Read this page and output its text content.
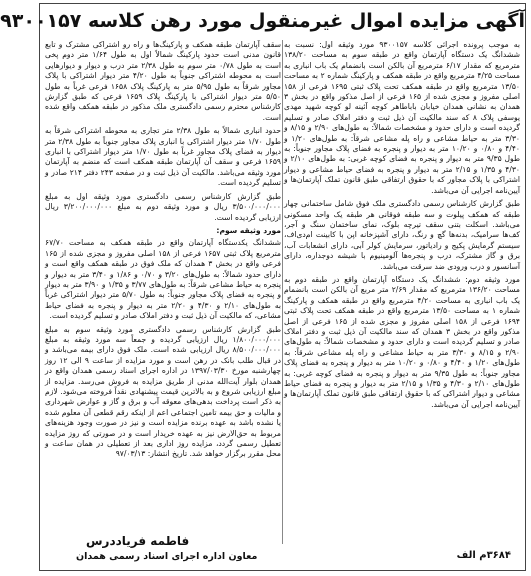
آگهی مزایده اموال غیرمنقول مورد رهن کلاسه ۹۳۰۰۱۵۷

به موجب پرونده اجرائی کلاسه ۹۳۰۰۱۵۷ مورد وثیقه اول: نسبت به ششدانگ یک دستگاه آپارتمان واقع در طبقه سوم به مساحت ۱۳۸/۲۰ مترمربع که مقدار ۶/۱۷ مترمربع آن بالکن است بانضمام یک باب انباری به مساحت ۴/۲۵ مترمربع واقع در طبقه همکف و پارکینگ شماره ۲ به مساحت ۱۳/۵۰ مترمربع واقع در طبقه همکف تحت پلاک ثبتی ۱۶۹۵ فرعی از ۱۵۸ اصلی مفروز و مجزی شده از ۱۶۵ فرعی از اصل مذکور واقع در بخش ۳ همدان به نشانی همدان خیابان باباطاهر کوچه آئینه لو کوچه شهید مهدی یوسفی پلاک ۸ که سند مالکیت آن ذیل ثبت و دفتر املاک صادر و تسلیم گردیده است و دارای حدود و مشخصات شمالاً: به طول‌های ۲/۹۰ و ۸/۱۵ و ۳/۳۰ متر به حیاط مشاعی و راه پله مشاعی شرقاً: به طول‌های ۱/۲۰ و ۴/۴۰ و ۰/۸۰ و ۱۰/۲۰ متر به دیوار و پنجره به فضای پلاک مجاور جنوباً: به طول ۹/۳۵ متر به دیوار و پنجره به فضای کوچه غربی: به طول‌های ۲/۱۰ و ۴/۳۰ و ۱/۳۵ و ۲/۱۵ متر به دیوار و پنجره به فضای حیاط مشاعی و دیوار اشتراکی با پلاک مجاور که با حقوق ارتفاقی طبق قانون تملک آپارتمان‌ها و آیین‌نامه اجرایی آن می‌باشد.

طبق گزارش کارشناس رسمی دادگستری ملک فوق شامل ساختمانی چهار طبقه که همکف پیلوت و سه طبقه فوقانی هر طبقه یک واحد مسکونی می‌باشد. اسکلت بتنی سقف تیرچه بلوک، نمای ساختمان سنگ و آجر، کف‌ها سرامیک، بدنه‌ها گچ و رنگ، دارای آشپزخانه اپن با کابینت ام‌دی‌اف، سیستم گرمایش پکیج و رادیاتور، سرمایش کولر آبی، دارای انشعابات آب، برق و گاز مشترک، درب و پنجره‌ها آلومینیوم با شیشه دوجداره، دارای آسانسور و درب ورودی ضد سرقت می‌باشد.

مورد وثیقه دوم: ششدانگ یک دستگاه آپارتمان واقع در طبقه دوم به مساحت ۱۳۶/۲۰ مترمربع که مقدار ۲/۶۹ متر مربع آن بالکن است بانضمام یک باب انباری به مساحت ۴/۲۰ مترمربع واقع در طبقه همکف و پارکینگ شماره ۱ به مساحت ۱۳/۵۰ مترمربع واقع در طبقه همکف تحت پلاک ثبتی ۱۶۹۴ فرعی از ۱۵۸ اصلی مفروز و مجزی شده از ۱۶۵ فرعی از اصل مذکور واقع در بخش ۳ همدان که سند مالکیت آن ذیل ثبت و دفتر املاک صادر و تسلیم گردیده است و دارای حدود و مشخصات شمالاً: به طول‌های ۲/۹۰ و ۸/۱۵ و ۳/۳۰ متر به حیاط مشاعی و راه پله مشاعی شرقاً: به طول‌های ۱/۲۰ و ۴/۴۰ و ۰/۸۰ و ۱۰/۲۰ متر به دیوار و پنجره به فضای پلاک مجاور جنوباً: به طول ۹/۳۵ متر به دیوار و پنجره به فضای کوچه غربی: به طول‌های ۲/۱۰ و ۴/۳۰ و ۱/۳۵ و ۲/۱۵ متر به دیوار و پنجره به فضای حیاط مشاعی و دیوار اشتراکی که با حقوق ارتفاقی طبق قانون تملک آپارتمان‌ها و آیین‌نامه اجرایی آن می‌باشد.

سقف آپارتمان طبقه همکف و پارکینگ‌ها و راه رو اشتراکی مشترک و تابع قانون مدنی است حدود پارکینگ شمالاً اول به طول ۱/۶۴ متر دوم پخی است به طول ۰/۷۸ متر سوم به طول ۲/۳۸ متر درب و دیوار و دیوارهایی است به محوطه اشتراکی جنوباً به طول ۴/۲۰ متر دیوار اشتراکی با پلاک مجاور شرقاً به طول ۵/۹۵ متر به پارکینگ پلاک ۱۶۵۸ فرعی غرباً به طول ۵/۵۰ متر دیوار اشتراکی با پارکینگ پلاک ۱۶۵۹ فرعی که طبق گزارش کارشناس محترم رسمی دادگستری ملک مذکور در طبقه همکف واقع شده است.

حدود انباری شمالاً به طول ۲/۳۸ متر تجاری به محوطه اشتراکی شرقاً به طول ۱/۷۰ متر دیوار اشتراکی با انباری پلاک مجاور جنوباً به طول ۲/۳۸ متر دیوار به فضای پلاک مجاور غرباً به طول ۱/۷۰ متر دیوار اشتراکی با انباری ۱۶۵۹ فرعی و سقف آن آپارتمان طبقه همکف است که منضم به آپارتمان مورد وثیقه می‌باشد. مالکیت آن ذیل ثبت و در صفحه ۲۴۳ دفتر ۲۱۴ صادر و تسلیم گردیده است.

طبق گزارش کارشناس رسمی دادگستری مورد وثیقه اول به مبلغ ۳/۵۰۰/۰۰۰/۰۰۰ ریال و مورد وثیقه دوم به مبلغ ۳/۲۰۰/۰۰۰/۰۰۰ ریال ارزیابی گردیده است.

مورد وثیقه سوم:

ششدانگ یکدستگاه آپارتمان واقع در طبقه همکف به مساحت ۶۷/۷۰ مترمربع پلاک ثبتی ۱۶۵۷ فرعی از ۱۵۸ اصلی مفروز و مجزی شده از ۱۶۵ فرعی واقع در بخش ۳ همدان که ملک فوق در طبقه همکف واقع است و دارای حدود شمالاً: به طول‌های ۳/۲۰ و ۰/۷۰ و ۱/۸۶ و ۳/۴۰ متر به دیوار و پنجره به حیاط مشاعی شرقاً: به طول‌های ۳/۷۷ و ۱/۳۵ و ۳/۹۰ متر به دیوار و پنجره به فضای پلاک مجاور جنوباً: به طول ۵/۷۰ متر دیوار اشتراکی غرباً به طول‌های ۲/۱۰ و ۴/۳۰ و ۲/۲۰ متر به دیوار و پنجره به فضای حیاط مشاعی، که مالکیت آن ذیل ثبت و دفتر املاک صادر و تسلیم گردیده است.

طبق گزارش کارشناس رسمی دادگستری مورد وثیقه سوم به مبلغ ۱/۸۰۰/۰۰۰/۰۰۰ ریال ارزیابی گردیده و جمعاً سه مورد وثیقه به مبلغ ۸/۵۰۰/۰۰۰/۰۰۰ ریال ارزیابی شده است. ملک فوق دارای بیمه می‌باشد و در قبال طلب بانک در رهن است و مورد مزایده از ساعت ۹ الی ۱۲ روز چهارشنبه مورخ ۱۳۹۷/۰۳/۳۰ در اداره اجرای اسناد رسمی همدان واقع در همدان بلوار آیت‌الله مدنی از طریق مزایده به فروش می‌رسد. مزایده از مبلغ ارزیابی شروع و به بالاترین قیمت پیشنهادی نقداً فروخته می‌شود. لازم به ذکر است پرداخت بدهی‌های معوقه آب و برق و گاز و عوارض شهرداری و مالیات و حق بیمه تامین اجتماعی اعم از اینکه رقم قطعی آن معلوم شده یا نشده باشد به عهده برنده مزایده است و نیز در صورت وجود هزینه‌های مربوط به حق‌الارض نیز به عهده خریدار است و در صورتی که روز مزایده تعطیل رسمی گردد، مزایده روز اداری بعد از تعطیلی در همان ساعت و محل مقرر برگزار خواهد شد. تاریخ انتشار: ۹۷/۰۳/۱۳

۳۶۸۴م الف
فاطمه فریاددرس
معاون اداره اجرای اسناد رسمی همدان
